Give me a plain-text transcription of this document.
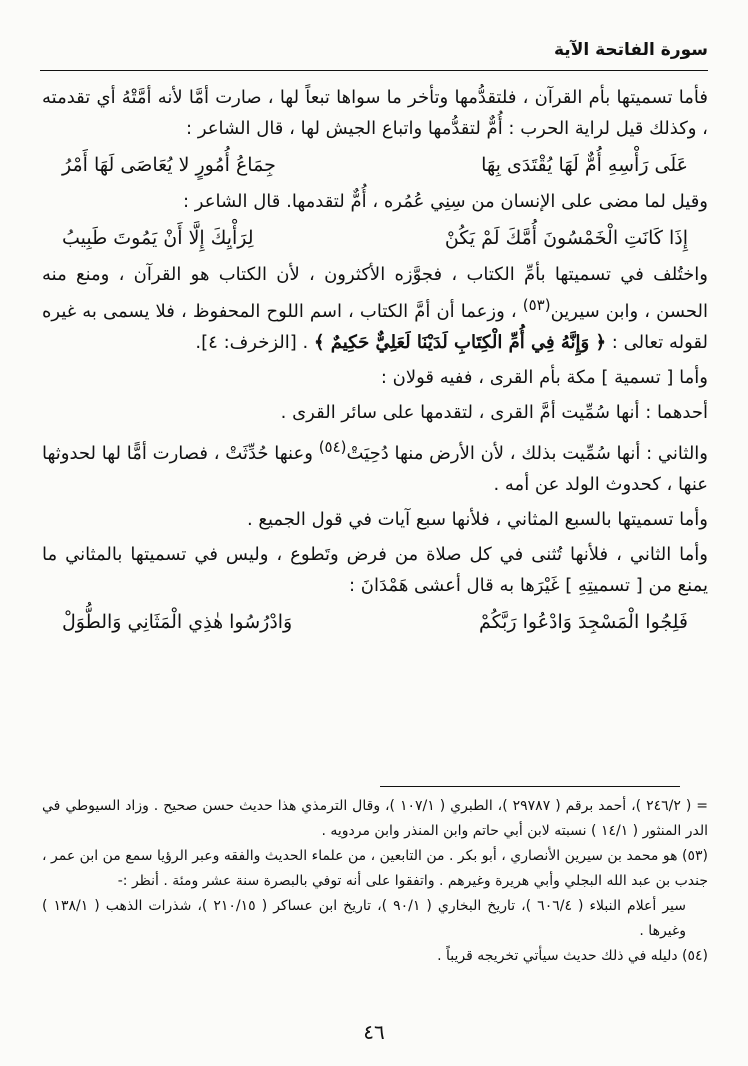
سورة الفاتحة الآية

فأما تسميتها بأم القرآن ، فلتقدُّمها وتأخر ما سواها تبعاً لها ، صارت أمَّا لأنه أمَّتْهُ أي تقدمته ، وكذلك قيل لراية الحرب : أُمٌّ لتقدُّمها واتباع الجيش لها ، قال الشاعر :

عَلَى رَأْسِهِ أُمٌّ لَهَا يُقْتَدَى بِهَا
جِمَاعُ أُمُورٍ لا يُعَاصَى لَهَا أَمْرُ

وقيل لما مضى على الإنسان من سِنِي عُمُره ، أُمٌّ لتقدمها. قال الشاعر :

إِذَا كَانَتِ الْخَمْسُونَ أُمَّكَ لَمْ يَكُنْ
لِرَأْيِكَ إِلَّا أَنْ يَمُوتَ طَبِيبُ

واختُلف في تسميتها بأمِّ الكتاب ، فجوَّزه الأكثرون ، لأن الكتاب هو القرآن ، ومنع منه الحسن ، وابن سيرين$^{(٥٣)}$ ، وزعما أن أمَّ الكتاب ، اسم اللوح المحفوظ ، فلا يسمى به غيره لقوله تعالى : ﴿ وَإِنَّهُ فِي أُمِّ الْكِتَابِ لَدَيْنَا لَعَلِيٌّ حَكِيمٌ ﴾ . [الزخرف: ٤].

وأما [ تسمية ] مكة بأم القرى ، ففيه قولان :

أحدهما : أنها سُمِّيت أمَّ القرى ، لتقدمها على سائر القرى .

والثاني : أنها سُمِّيت بذلك ، لأن الأرض منها دُحِيَتْ$^{(٥٤)}$ وعنها حُدِّثَتْ ، فصارت أمًّا لها لحدوثها عنها ، كحدوث الولد عن أمه .

وأما تسميتها بالسبع المثاني ، فلأنها سبع آيات في قول الجميع .

وأما الثاني ، فلأنها تُثنى في كل صلاة من فرض وتَطوع ، وليس في تسميتها بالمثاني ما يمنع من [ تسميتِهِ ] غَيْرَها به قال أعشى هَمْدَانَ :

فَلِجُوا الْمَسْجِدَ وَادْعُوا رَبَّكُمْ
وَادْرُسُوا هٰذِي الْمَثَانِي وَالطُّوَلْ

= ( ٢٤٦/٢ )، أحمد برقم ( ٢٩٧٨٧ )، الطبري ( ١٠٧/١ )، وقال الترمذي هذا حديث حسن صحيح . وزاد السيوطي في الدر المنثور ( ١٤/١ ) نسبته لابن أبي حاتم وابن المنذر وابن مردويه .

(٥٣) هو محمد بن سيرين الأنصاري ، أبو بكر . من التابعين ، من علماء الحديث والفقه وعبر الرؤيا سمع من ابن عمر ، جندب بن عبد الله البجلي وأبي هريرة وغيرهم . واتفقوا على أنه توفي بالبصرة سنة عشر ومئة . أنظر :-

سير أعلام النبلاء ( ٦٠٦/٤ )، تاريخ البخاري ( ٩٠/١ )، تاريخ ابن عساكر ( ٢١٠/١٥ )، شذرات الذهب ( ١٣٨/١ ) وغيرها .

(٥٤) دليله في ذلك حديث سيأتي تخريجه قريباً .

٤٦
